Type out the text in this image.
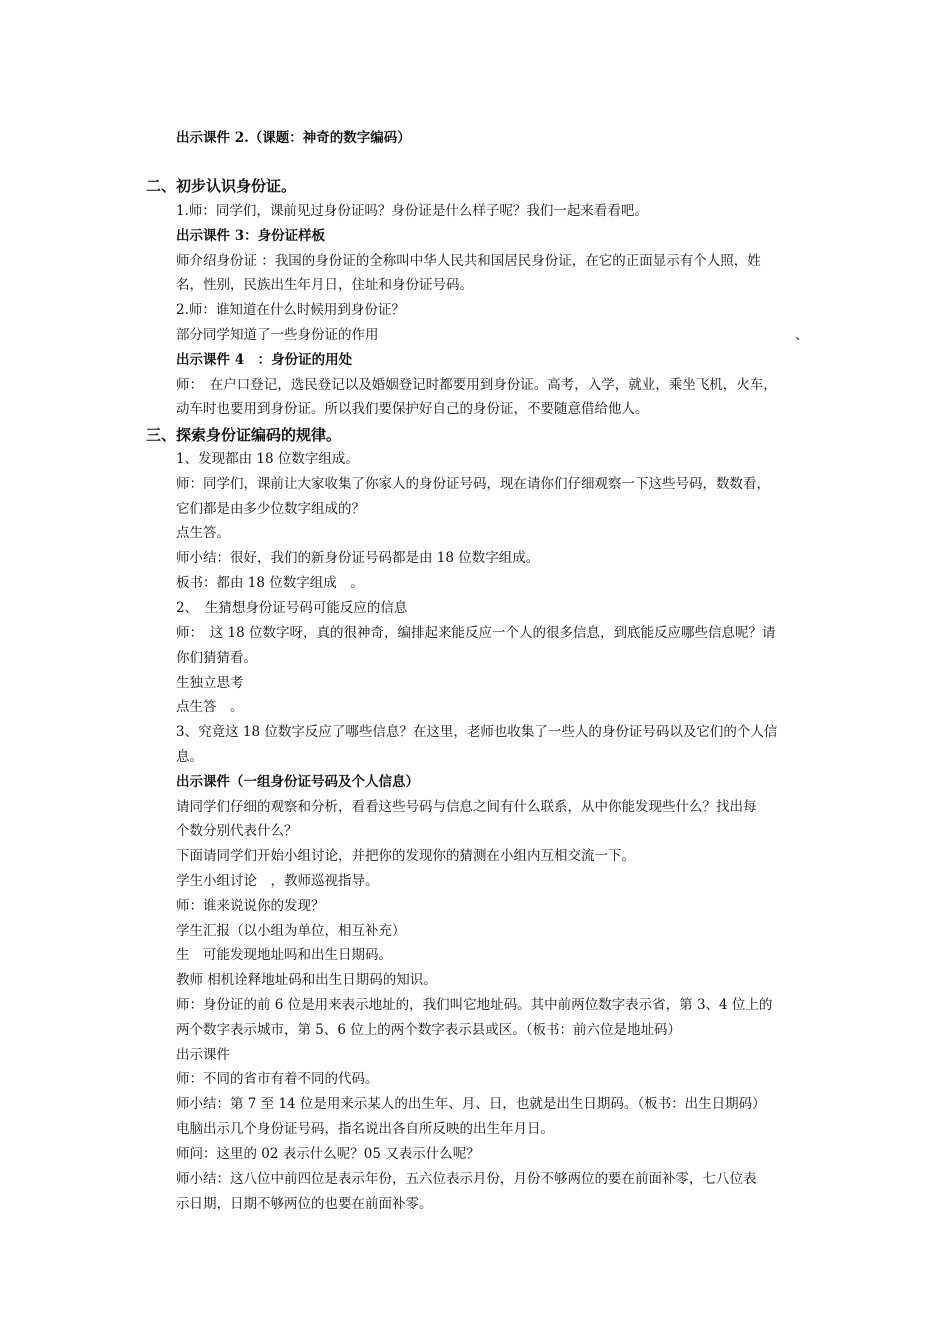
出示课件 2.（课题：神奇的数字编码）
二、初步认识身份证。
1.师：同学们，课前见过身份证吗？身份证是什么样子呢？我们一起来看看吧。
出示课件 3：身份证样板
师介绍身份证 ：我国的身份证的全称叫中华人民共和国居民身份证，在它的正面显示有个人照，姓
名，性别，民族出生年月日，住址和身份证号码。
2.师：谁知道在什么时候用到身份证？
部分同学知道了一些身份证的作用	、
出示课件 4　：身份证的用处
师：　在户口登记，选民登记以及婚姻登记时都要用到身份证。高考，入学，就业，乘坐飞机，火车，
动车时也要用到身份证。所以我们要保护好自己的身份证，不要随意借给他人。
三、探索身份证编码的规律。
1、发现都由 18 位数字组成。
师：同学们，课前让大家收集了你家人的身份证号码，现在请你们仔细观察一下这些号码，数数看，
它们都是由多少位数字组成的？
点生答。
师小结：很好，我们的新身份证号码都是由 18 位数字组成。
板书：都由 18 位数字组成　。
2、　生猜想身份证号码可能反应的信息
师：　这 18 位数字呀，真的很神奇，编排起来能反应一个人的很多信息，到底能反应哪些信息呢？请
你们猜猜看。
生独立思考
点生答　。
3、究竟这 18 位数字反应了哪些信息？在这里，老师也收集了一些人的身份证号码以及它们的个人信
息。
出示课件（一组身份证号码及个人信息）
请同学们仔细的观察和分析，看看这些号码与信息之间有什么联系，从中你能发现些什么？找出每
个数分别代表什么？
下面请同学们开始小组讨论，并把你的发现你的猜测在小组内互相交流一下。
学生小组讨论　，教师巡视指导。
师：谁来说说你的发现？
学生汇报（以小组为单位，相互补充）
生　可能发现地址吗和出生日期码。
教师 相机诠释地址码和出生日期码的知识。
师：身份证的前 6 位是用来表示地址的，我们叫它地址码。其中前两位数字表示省，第 3、4 位上的
两个数字表示城市，第 5、6 位上的两个数字表示县或区。（板书：前六位是地址码）
出示课件
师：不同的省市有着不同的代码。
师小结：第 7 至 14 位是用来示某人的出生年、月、日，也就是出生日期码。（板书：出生日期码）
电脑出示几个身份证号码，指名说出各自所反映的出生年月日。
师问：这里的 02 表示什么呢？05 又表示什么呢？
师小结：这八位中前四位是表示年份，五六位表示月份，月份不够两位的要在前面补零，七八位表
示日期，日期不够两位的也要在前面补零。
